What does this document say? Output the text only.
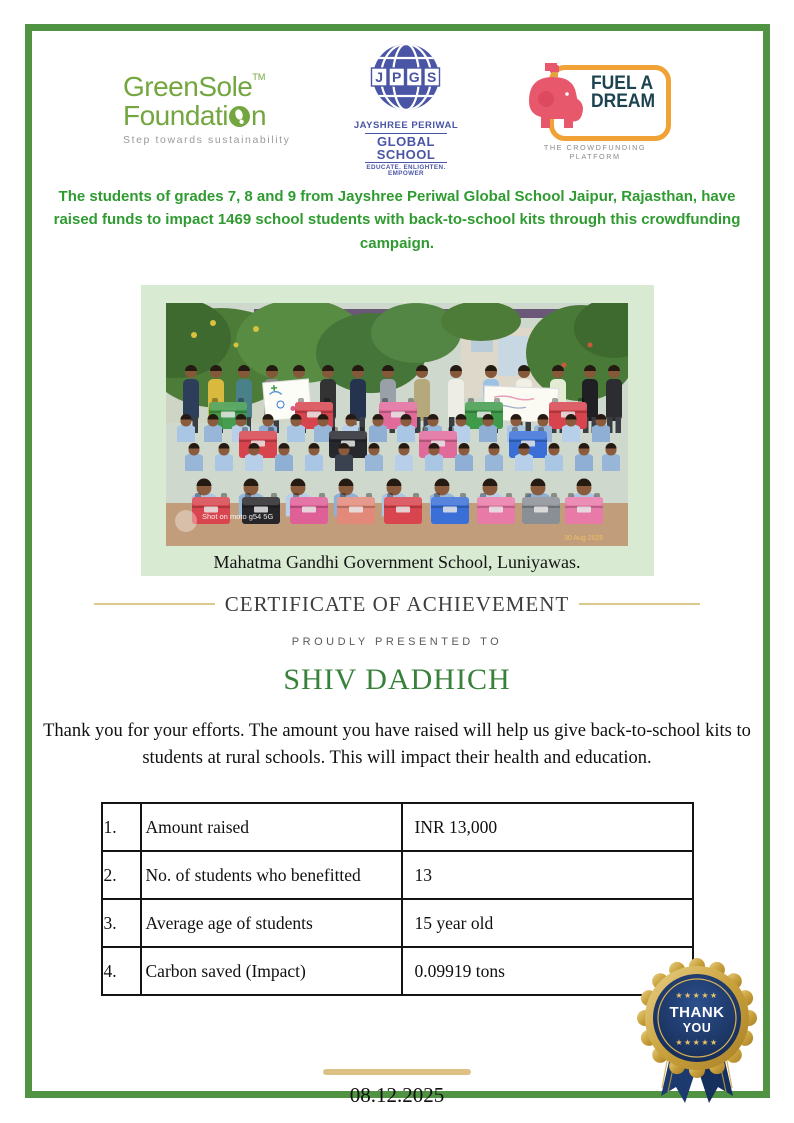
GreenSole™
F oundati n
Step towards sustainability
J P G S
JAYSHREE PERIWAL
GLOBAL SCHOOL
EDUCATE. ENLIGHTEN. EMPOWER
FUEL A
DREAM
THE CROWDFUNDING PLATFORM
The students of grades 7, 8 and 9 from Jayshree Periwal Global School Jaipur, Rajasthan, have raised funds to impact 1469 school students with back-to-school kits through this crowdfunding campaign.
Shot on moto g54 5G
30 Aug 2025
Mahatma Gandhi Government School, Luniyawas.
CERTIFICATE OF ACHIEVEMENT
PROUDLY PRESENTED TO
SHIV DADHICH
Thank you for your efforts. The amount you have raised will help us give back-to-school kits to students at rural schools. This will impact their health and education.
1.	Amount raised	INR 13,000
2.	No. of students who benefitted	13
3.	Average age of students	15 year old
4.	Carbon saved (Impact)	0.09919 tons
08.12.2025
★★★★★
THANK
YOU
★★★★★
